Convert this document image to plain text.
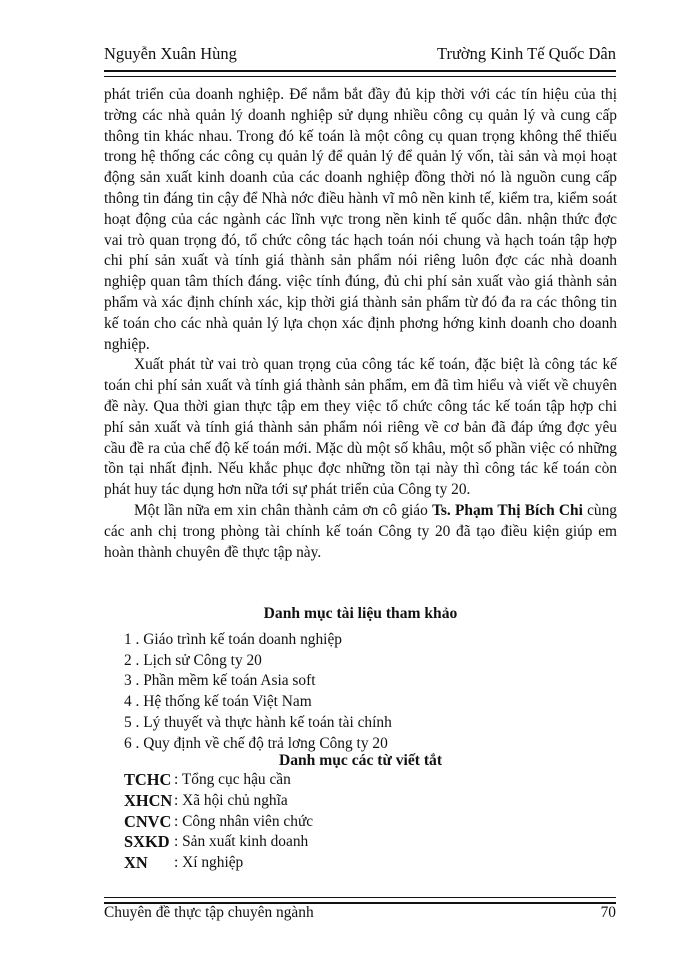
Nguyễn Xuân Hùng	Trường Kinh Tế Quốc Dân

phát triển của doanh nghiệp. Để nắm bắt đầy đủ kịp thời với các tín hiệu của thị trờng các nhà quản lý doanh nghiệp sử dụng nhiều công cụ quản lý và cung cấp thông tin khác nhau. Trong đó kế toán là một công cụ quan trọng không thể thiếu trong hệ thống các công cụ quản lý để quản lý để quản lý vốn, tài sản và mọi hoạt động sản xuất kinh doanh của các doanh nghiệp đồng thời nó là nguồn cung cấp thông tin đáng tin cậy để Nhà nớc điều hành vĩ mô nền kinh tế, kiểm tra, kiểm soát hoạt động của các ngành các lĩnh vực trong nền kinh tế quốc dân. nhận thức đợc vai trò quan trọng đó, tổ chức công tác hạch toán nói chung và hạch toán tập hợp chi phí sản xuất và tính giá thành sản phẩm nói riêng luôn đợc các nhà doanh nghiệp quan tâm thích đáng. việc tính đúng, đủ chi phí sản xuất vào giá thành sản phẩm và xác định chính xác, kịp thời giá thành sản phẩm từ đó đa ra các thông tin kế toán cho các nhà quản lý lựa chọn xác định phơng hớng kinh doanh cho doanh nghiệp.

Xuất phát từ vai trò quan trọng của công tác kế toán, đặc biệt là công tác kế toán chi phí sản xuất và tính giá thành sản phẩm, em đã tìm hiểu và viết về chuyên đề này. Qua thời gian thực tập em they việc tổ chức công tác kế toán tập hợp chi phí sản xuất và tính giá thành sản phẩm nói riêng về cơ bản đã đáp ứng đợc yêu cầu đề ra của chế độ kế toán mới. Mặc dù một số khâu, một số phần việc có những tồn tại nhất định. Nếu khắc phục đợc những tồn tại này thì công tác kế toán còn phát huy tác dụng hơn nữa tới sự phát triển của Công ty 20.

Một lần nữa em xin chân thành cảm ơn cô giáo Ts. Phạm Thị Bích Chi cùng các anh chị trong phòng tài chính kế toán Công ty 20 đã tạo điều kiện giúp em hoàn thành chuyên đề thực tập này.

Danh mục tài liệu tham khảo
1 . Giáo trình kế toán doanh nghiệp
2 . Lịch sử Công ty 20
3 . Phần mềm kế toán Asia soft
4 . Hệ thống kế toán Việt Nam
5 . Lý thuyết và thực hành kế toán tài chính
6 . Quy định về chế độ trả lơng Công ty 20
Danh mục các từ viết tắt
TCHC : Tổng cục hậu cần
XHCN : Xã hội chủ nghĩa
CNVC : Công nhân viên chức
SXKD : Sản xuất kinh doanh
XN	: Xí nghiệp
Chuyên đề thực tập chuyên ngành	70
